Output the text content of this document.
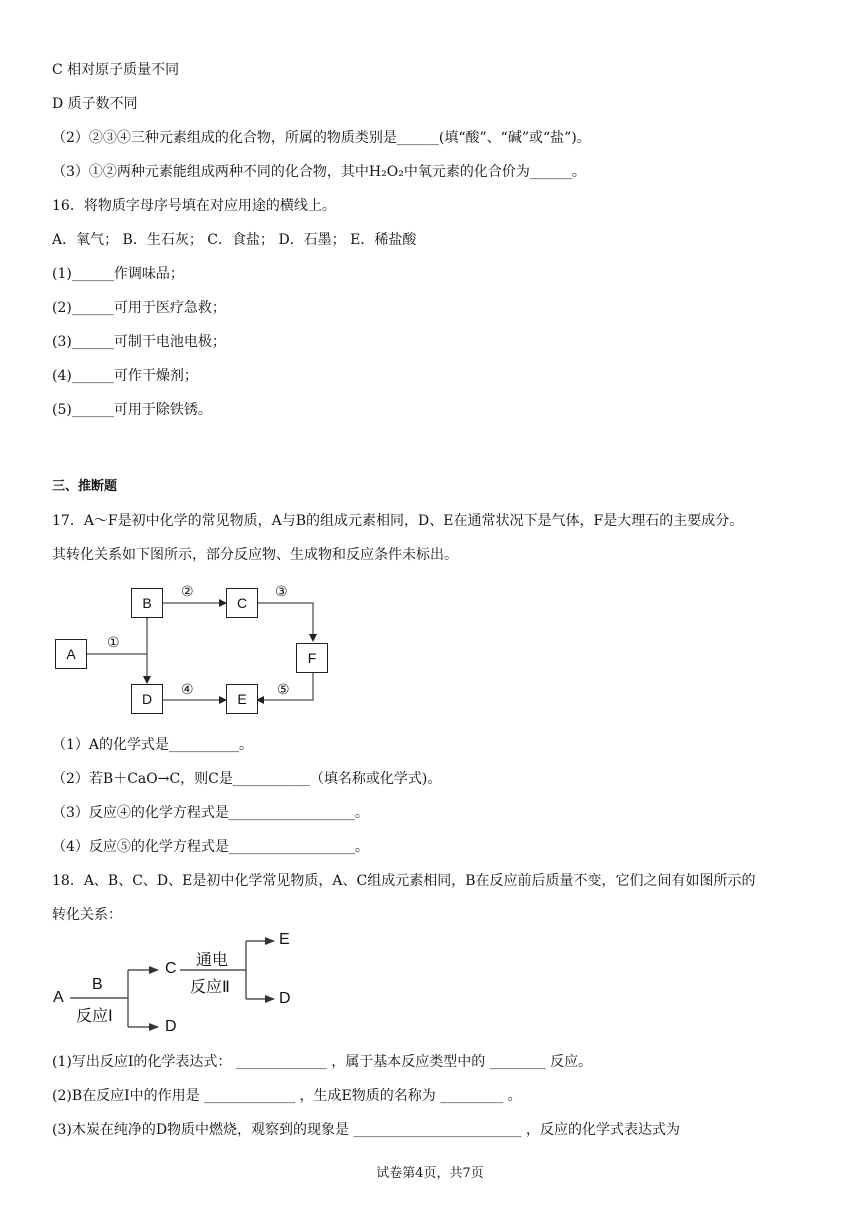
C 相对原子质量不同
D 质子数不同
（2）②③④三种元素组成的化合物，所属的物质类别是______(填“酸”、“碱”或“盐”)。
（3）①②两种元素能组成两种不同的化合物，其中H₂O₂中氧元素的化合价为______。
16．将物质字母序号填在对应用途的横线上。
A．氧气； B．生石灰； C．食盐； D．石墨； E．稀盐酸
(1)______作调味品；
(2)______可用于医疗急救；
(3)______可制干电池电极；
(4)______可作干燥剂；
(5)______可用于除铁锈。
三、推断题
17．A～F是初中化学的常见物质，A与B的组成元素相同，D、E在通常状况下是气体，F是大理石的主要成分。
其转化关系如下图所示，部分反应物、生成物和反应条件未标出。
A
B	C
F
D	E
①
②	③
④	⑤
（1）A的化学式是__________。
（2）若B＋CaO→C，则C是___________（填名称或化学式)。
（3）反应④的化学方程式是__________________。
（4）反应⑤的化学方程式是__________________。
18．A、B、C、D、E是初中化学常见物质，A、C组成元素相同，B在反应前后质量不变，它们之间有如图所示的
转化关系：
A
B
反应Ⅰ
C
D
通电
反应Ⅱ
E
D
(1)写出反应Ⅰ的化学表达式： _____________ ，属于基本反应类型中的 ________ 反应。
(2)B在反应Ⅰ中的作用是 _____________ ，生成E物质的名称为 _________ 。
(3)木炭在纯净的D物质中燃烧，观察到的现象是 ________________________ ，反应的化学式表达式为
试卷第4页，共7页
